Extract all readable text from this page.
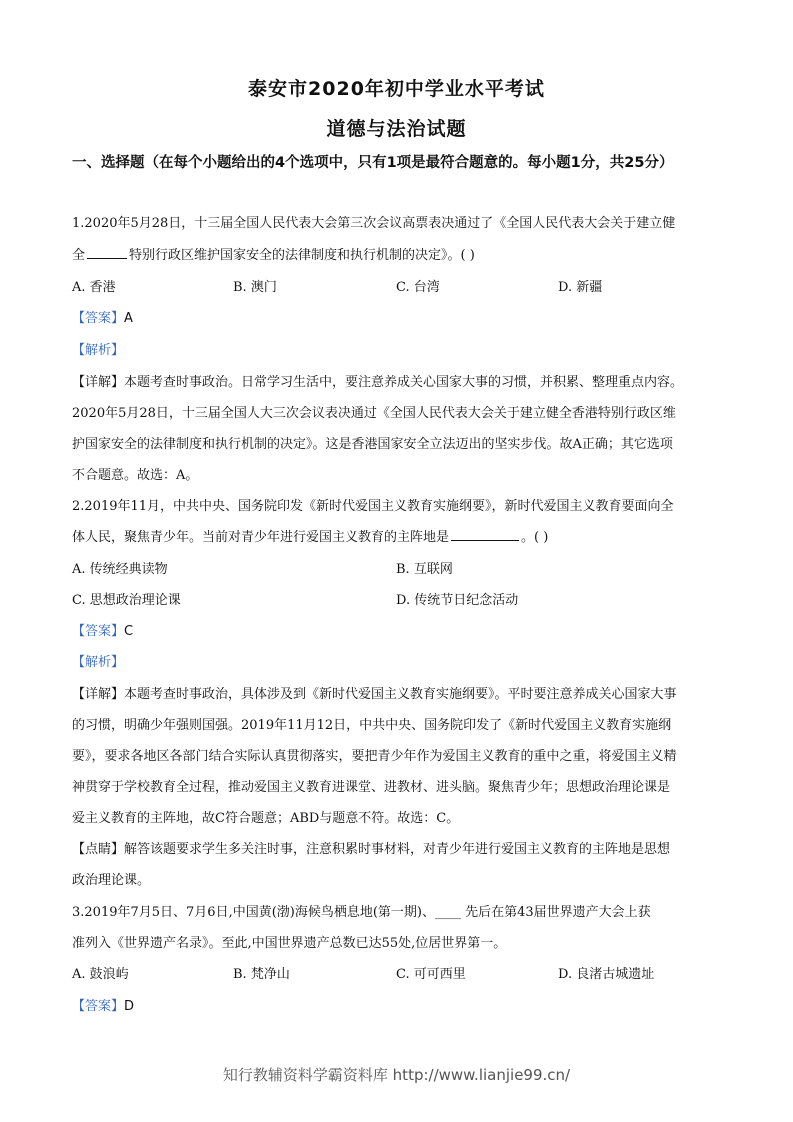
泰安市2020年初中学业水平考试
道德与法治试题
一、选择题（在每个小题给出的4个选项中，只有1项是最符合题意的。每小题1分，共25分）
1.2020年5月28日，十三届全国人民代表大会第三次会议高票表决通过了《全国人民代表大会关于建立健
全	特别行政区维护国家安全的法律制度和执行机制的决定》。( )
A. 香港	B. 澳门	C. 台湾	D. 新疆
【答案】A
【解析】
【详解】本题考查时事政治。日常学习生活中，要注意养成关心国家大事的习惯，并积累、整理重点内容。
2020年5月28日，十三届全国人大三次会议表决通过《全国人民代表大会关于建立健全香港特别行政区维
护国家安全的法律制度和执行机制的决定》。这是香港国家安全立法迈出的坚实步伐。故A正确；其它选项
不合题意。故选：A。
2.2019年11月，中共中央、国务院印发《新时代爱国主义教育实施纲要》，新时代爱国主义教育要面向全
体人民，聚焦青少年。当前对青少年进行爱国主义教育的主阵地是	。( )
A. 传统经典读物	B. 互联网
C. 思想政治理论课	D. 传统节日纪念活动
【答案】C
【解析】
【详解】本题考查时事政治，具体涉及到《新时代爱国主义教育实施纲要》。平时要注意养成关心国家大事
的习惯，明确少年强则国强。2019年11月12日，中共中央、国务院印发了《新时代爱国主义教育实施纲
要》，要求各地区各部门结合实际认真贯彻落实，要把青少年作为爱国主义教育的重中之重，将爱国主义精
神贯穿于学校教育全过程，推动爱国主义教育进课堂、进教材、进头脑。聚焦青少年；思想政治理论课是
爱主义教育的主阵地，故C符合题意；ABD与题意不符。故选：C。
【点睛】解答该题要求学生多关注时事，注意积累时事材料，对青少年进行爱国主义教育的主阵地是思想
政治理论课。
3.2019年7月5日、7月6日,中国黄(渤)海候鸟栖息地(第一期)、____ 先后在第43届世界遗产大会上获
准列入《世界遗产名录》。至此,中国世界遗产总数已达55处,位居世界第一。
A. 鼓浪屿	B. 梵净山	C. 可可西里	D. 良渚古城遗址
【答案】D
知行教辅资料学霸资料库 http://www.lianjie99.cn/
